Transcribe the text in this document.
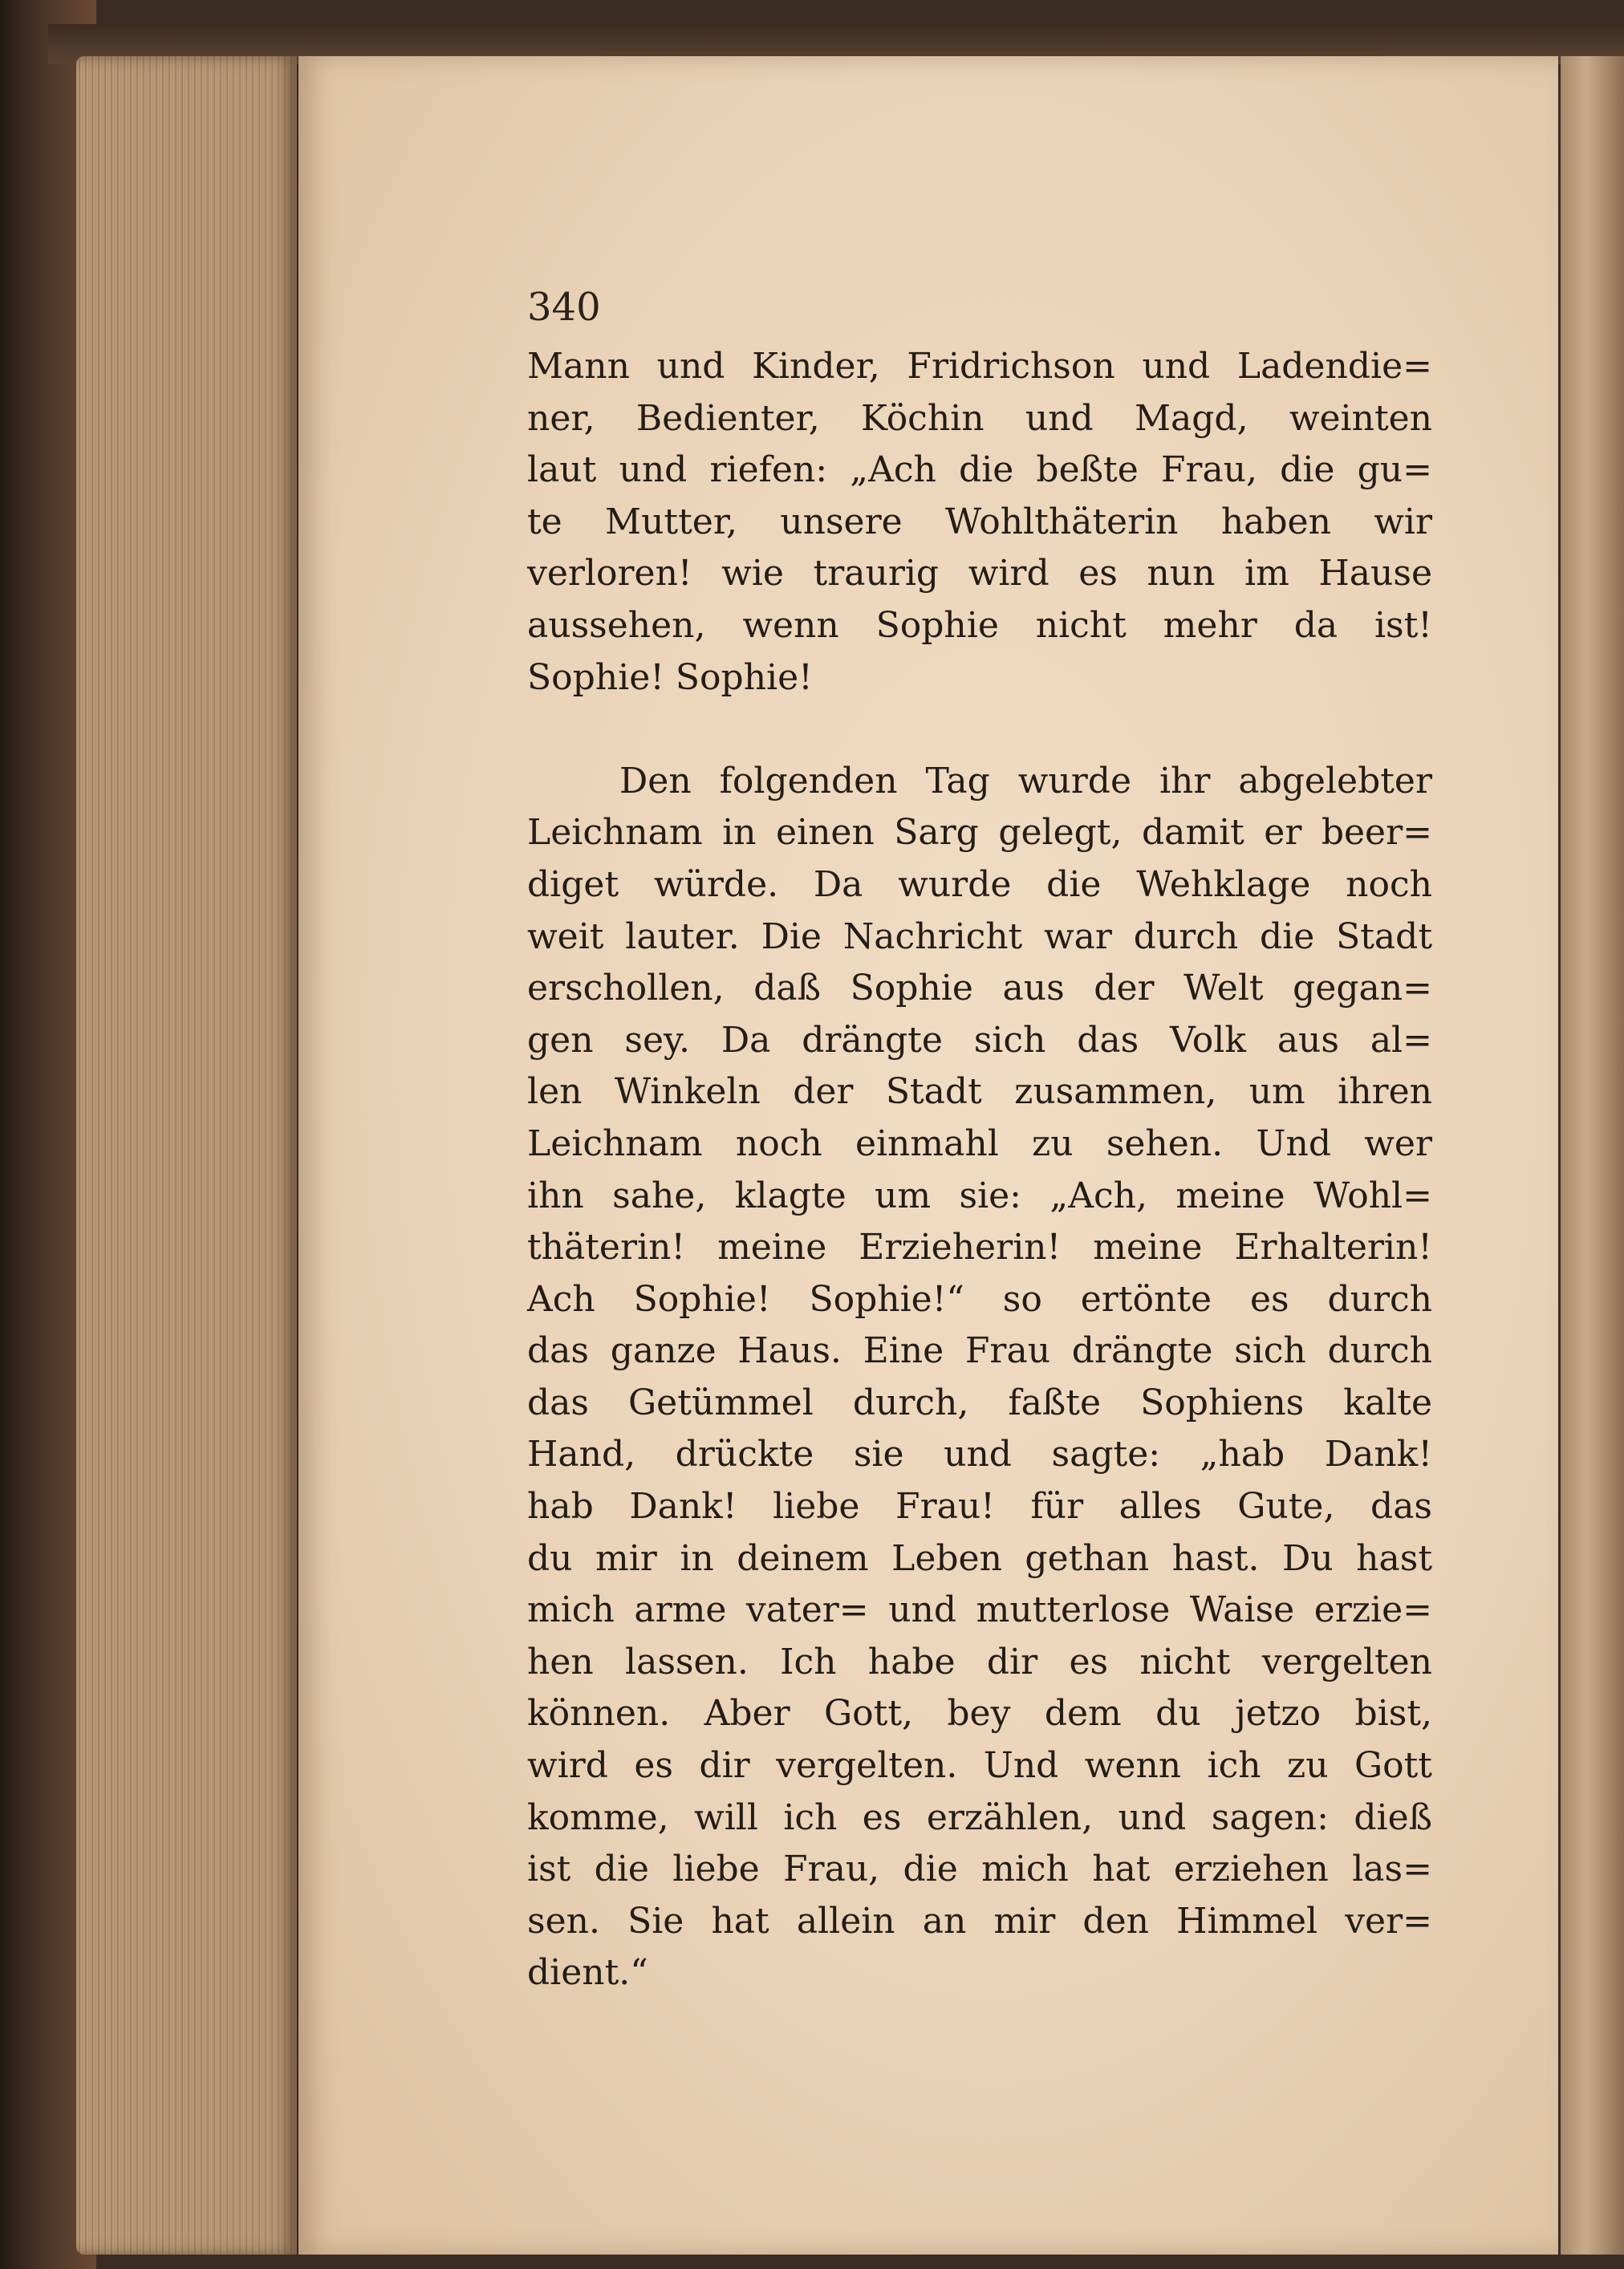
340

Mann und Kinder, Fridrichson und Ladendie=
ner, Bedienter, Köchin und Magd, weinten
laut und riefen: „Ach die beßte Frau, die gu=
te Mutter, unsere Wohlthäterin haben wir
verloren! wie traurig wird es nun im Hause
aussehen, wenn Sophie nicht mehr da ist!
Sophie! Sophie!
Den folgenden Tag wurde ihr abgelebter
Leichnam in einen Sarg gelegt, damit er beer=
diget würde. Da wurde die Wehklage noch
weit lauter. Die Nachricht war durch die Stadt
erschollen, daß Sophie aus der Welt gegan=
gen sey. Da drängte sich das Volk aus al=
len Winkeln der Stadt zusammen, um ihren
Leichnam noch einmahl zu sehen. Und wer
ihn sahe, klagte um sie: „Ach, meine Wohl=
thäterin! meine Erzieherin! meine Erhalterin!
Ach Sophie! Sophie!“ so ertönte es durch
das ganze Haus. Eine Frau drängte sich durch
das Getümmel durch, faßte Sophiens kalte
Hand, drückte sie und sagte: „hab Dank!
hab Dank! liebe Frau! für alles Gute, das
du mir in deinem Leben gethan hast. Du hast
mich arme vater= und mutterlose Waise erzie=
hen lassen. Ich habe dir es nicht vergelten
können. Aber Gott, bey dem du jetzo bist,
wird es dir vergelten. Und wenn ich zu Gott
komme, will ich es erzählen, und sagen: dieß
ist die liebe Frau, die mich hat erziehen las=
sen. Sie hat allein an mir den Himmel ver=
dient.“
